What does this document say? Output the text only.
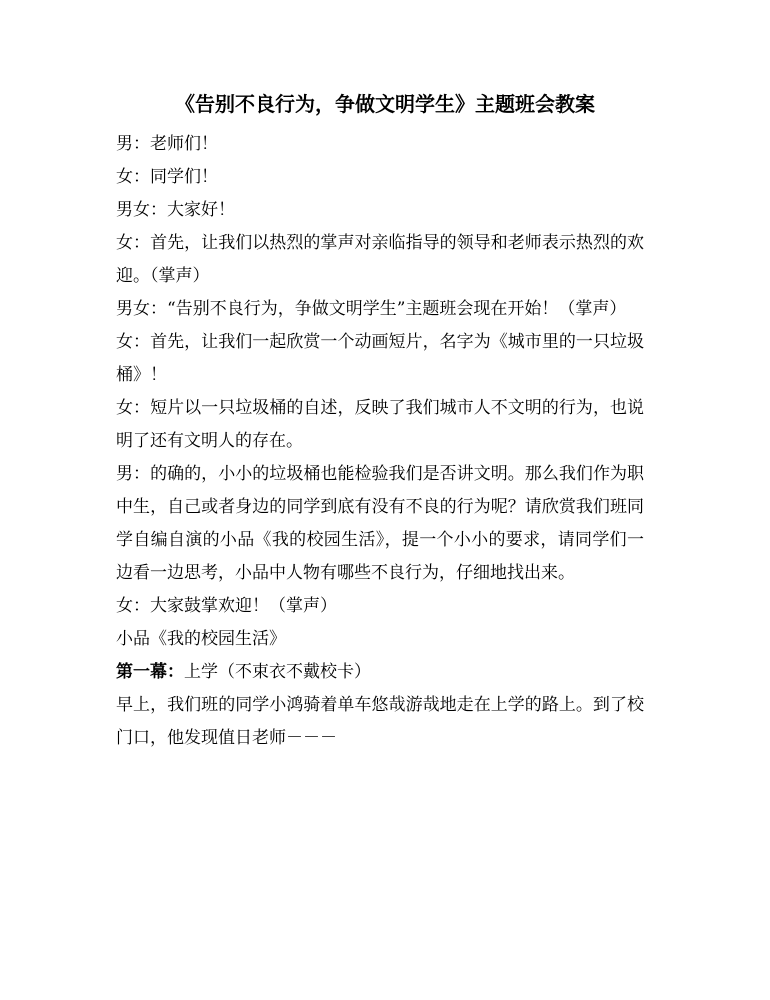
《告别不良行为，争做文明学生》主题班会教案

男：老师们！

女：同学们！

男女：大家好！

女：首先，让我们以热烈的掌声对亲临指导的领导和老师表示热烈的欢迎。（掌声）

男女：“告别不良行为，争做文明学生”主题班会现在开始！（掌声）

女：首先，让我们一起欣赏一个动画短片，名字为《城市里的一只垃圾桶》！

女：短片以一只垃圾桶的自述，反映了我们城市人不文明的行为，也说明了还有文明人的存在。

男：的确的，小小的垃圾桶也能检验我们是否讲文明。那么我们作为职中生，自己或者身边的同学到底有没有不良的行为呢？请欣赏我们班同学自编自演的小品《我的校园生活》，提一个小小的要求，请同学们一边看一边思考，小品中人物有哪些不良行为，仔细地找出来。

女：大家鼓掌欢迎！（掌声）

小品《我的校园生活》

第一幕：上学（不束衣不戴校卡）

早上，我们班的同学小鸿骑着单车悠哉游哉地走在上学的路上。到了校门口，他发现值日老师－－－
